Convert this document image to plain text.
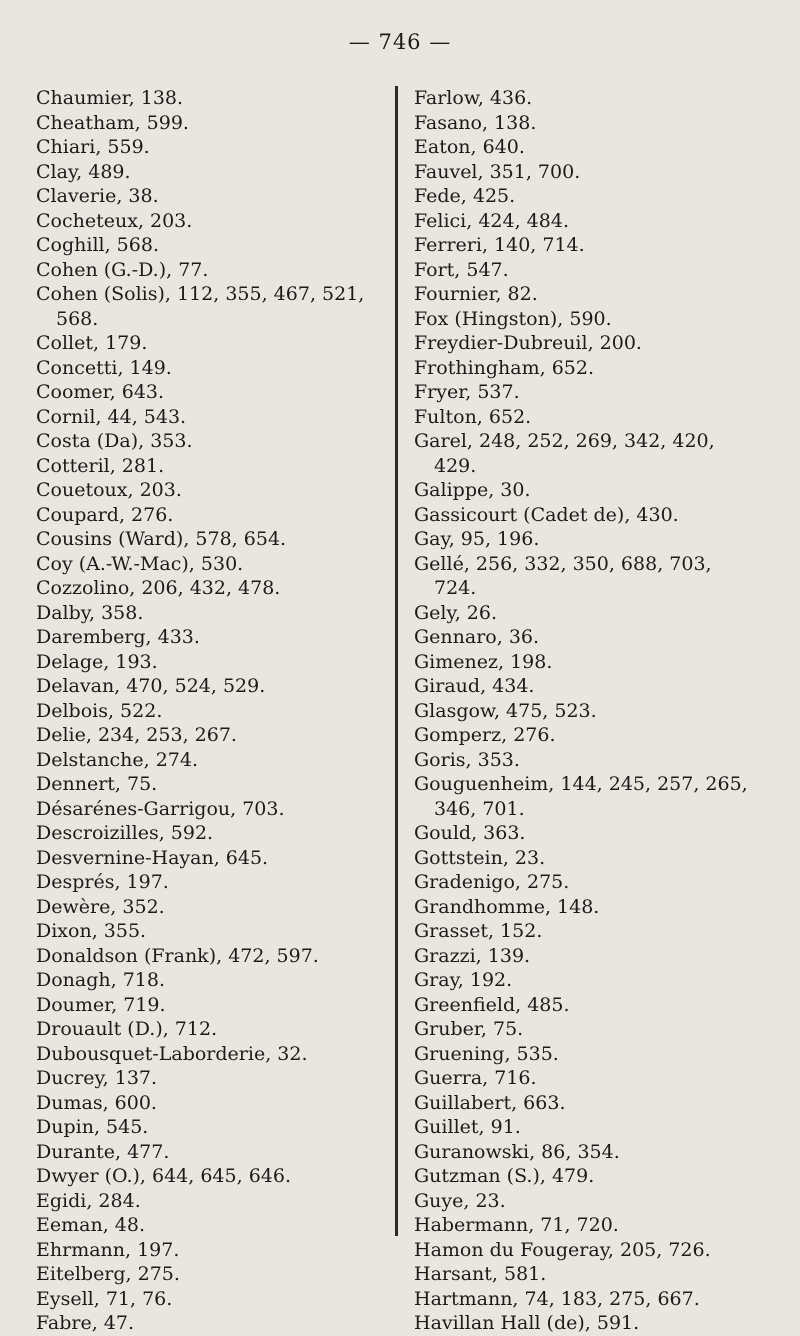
— 746 —
Chaumier, 138.
Cheatham, 599.
Chiari, 559.
Clay, 489.
Claverie, 38.
Cocheteux, 203.
Coghill, 568.
Cohen (G.-D.), 77.
Cohen (Solis), 112, 355, 467, 521,
568.
Collet, 179.
Concetti, 149.
Coomer, 643.
Cornil, 44, 543.
Costa (Da), 353.
Cotteril, 281.
Couetoux, 203.
Coupard, 276.
Cousins (Ward), 578, 654.
Coy (A.-W.-Mac), 530.
Cozzolino, 206, 432, 478.
Dalby, 358.
Daremberg, 433.
Delage, 193.
Delavan, 470, 524, 529.
Delbois, 522.
Delie, 234, 253, 267.
Delstanche, 274.
Dennert, 75.
Désarénes-Garrigou, 703.
Descroizilles, 592.
Desvernine-Hayan, 645.
Després, 197.
Dewère, 352.
Dixon, 355.
Donaldson (Frank), 472, 597.
Donagh, 718.
Doumer, 719.
Drouault (D.), 712.
Dubousquet-Laborderie, 32.
Ducrey, 137.
Dumas, 600.
Dupin, 545.
Durante, 477.
Dwyer (O.), 644, 645, 646.
Egidi, 284.
Eeman, 48.
Ehrmann, 197.
Eitelberg, 275.
Eysell, 71, 76.
Fabre, 47.
Farlow, 436.
Fasano, 138.
Eaton, 640.
Fauvel, 351, 700.
Fede, 425.
Felici, 424, 484.
Ferreri, 140, 714.
Fort, 547.
Fournier, 82.
Fox (Hingston), 590.
Freydier-Dubreuil, 200.
Frothingham, 652.
Fryer, 537.
Fulton, 652.
Garel, 248, 252, 269, 342, 420,
429.
Galippe, 30.
Gassicourt (Cadet de), 430.
Gay, 95, 196.
Gellé, 256, 332, 350, 688, 703,
724.
Gely, 26.
Gennaro, 36.
Gimenez, 198.
Giraud, 434.
Glasgow, 475, 523.
Gomperz, 276.
Goris, 353.
Gouguenheim, 144, 245, 257, 265,
346, 701.
Gould, 363.
Gottstein, 23.
Gradenigo, 275.
Grandhomme, 148.
Grasset, 152.
Grazzi, 139.
Gray, 192.
Greenfield, 485.
Gruber, 75.
Gruening, 535.
Guerra, 716.
Guillabert, 663.
Guillet, 91.
Guranowski, 86, 354.
Gutzman (S.), 479.
Guye, 23.
Habermann, 71, 720.
Hamon du Fougeray, 205, 726.
Harsant, 581.
Hartmann, 74, 183, 275, 667.
Havillan Hall (de), 591.
